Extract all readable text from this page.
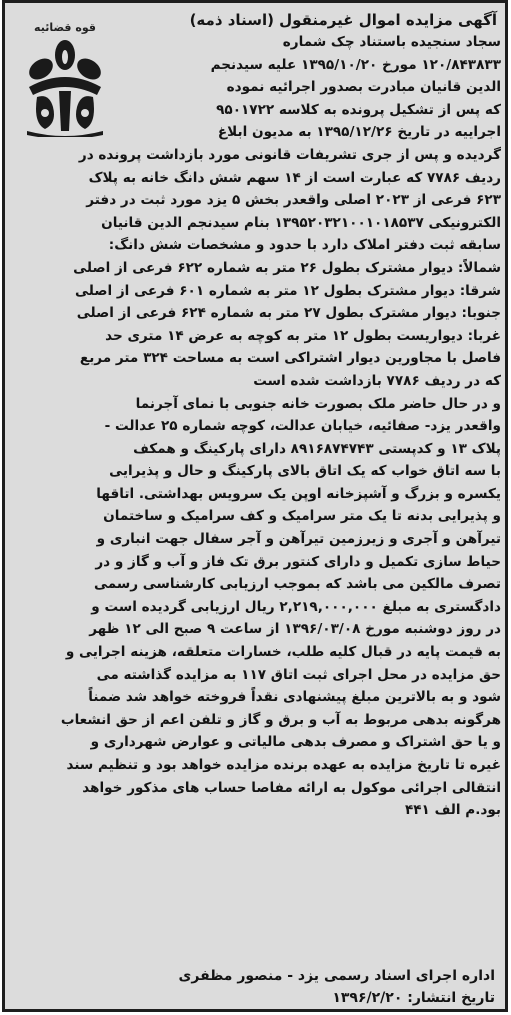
قوه قضائیه	آگهی مزایده اموال غیرمنقول (اسناد ذمه)
سجاد سنجیده باستناد چک شماره
۱۲۰/۸۴۳۸۳۳ مورخ ۱۳۹۵/۱۰/۲۰ علیه سیدنجم
الدین قانیان مبادرت بصدور اجرائیه نموده
که پس از تشکیل پرونده به کلاسه ۹۵۰۱۷۲۲
اجراییه در تاریخ ۱۳۹۵/۱۲/۲۶ به مدیون ابلاغ
گردیده و پس از جری تشریفات قانونی مورد بازداشت پرونده در
ردیف ۷۷۸۶ که عبارت است از ۱۴ سهم شش دانگ خانه به پلاک
۶۲۳ فرعی از ۲۰۲۳ اصلی واقعدر بخش ۵ یزد مورد ثبت در دفتر
الکترونیکی ۱۳۹۵۲۰۳۲۱۰۰۱۰۱۸۵۳۷ بنام سیدنجم الدین قانیان
سابقه ثبت دفتر املاک دارد با حدود و مشخصات شش دانگ:
شمالاً: دیوار مشترک بطول ۲۶ متر به شماره ۶۲۲ فرعی از اصلی
شرقا: دیوار مشترک بطول ۱۲ متر به شماره ۶۰۱ فرعی از اصلی
جنوبا: دیوار مشترک بطول ۲۷ متر به شماره ۶۲۴ فرعی از اصلی
غربا: دیواریست بطول ۱۲ متر به کوچه به عرض ۱۴ متری حد
فاصل با مجاورین دیوار اشتراکی است به مساحت ۳۲۴ متر مربع
که در ردیف ۷۷۸۶ بازداشت شده است
و در حال حاضر ملک بصورت خانه جنوبی با نمای آجرنما
واقعدر یزد- صفائیه، خیابان عدالت، کوچه شماره ۲۵ عدالت -
پلاک ۱۳ و کدپستی ۸۹۱۶۸۷۴۷۴۳ دارای پارکینگ و همکف
با سه اتاق خواب که یک اتاق بالای پارکینگ و حال و پذیرایی
یکسره و بزرگ و آشپزخانه اوپن یک سرویس بهداشتی. اتاقها
و پذیرایی بدنه تا یک متر سرامیک و کف سرامیک و ساختمان
تیرآهن و آجری و زیرزمین تیرآهن و آجر سفال جهت انباری و
حیاط سازی تکمیل و دارای کنتور برق تک فاز و آب و گاز و در
تصرف مالکین می باشد که بموجب ارزیابی کارشناسی رسمی
دادگستری به مبلغ ۲,۲۱۹,۰۰۰,۰۰۰ ریال ارزیابی گردیده است و
در روز دوشنبه مورخ ۱۳۹۶/۰۳/۰۸ از ساعت ۹ صبح الی ۱۲ ظهر
به قیمت پایه در قبال کلیه طلب، خسارات متعلقه، هزینه اجرایی و
حق مزایده در محل اجرای ثبت اتاق ۱۱۷ به مزایده گذاشته می
شود و به بالاترین مبلغ پیشنهادی نقداً فروخته خواهد شد ضمناً
هرگونه بدهی مربوط به آب و برق و گاز و تلفن اعم از حق انشعاب
و یا حق اشتراک و مصرف بدهی مالیاتی و عوارض شهرداری و
غیره تا تاریخ مزایده به عهده برنده مزایده خواهد بود و تنظیم سند
انتقالی اجرائی موکول به ارائه مفاصا حساب های مذکور خواهد
بود.م الف ۴۴۱
اداره اجرای اسناد رسمی یزد - منصور مظفری
تاریخ انتشار: ۱۳۹۶/۲/۲۰
